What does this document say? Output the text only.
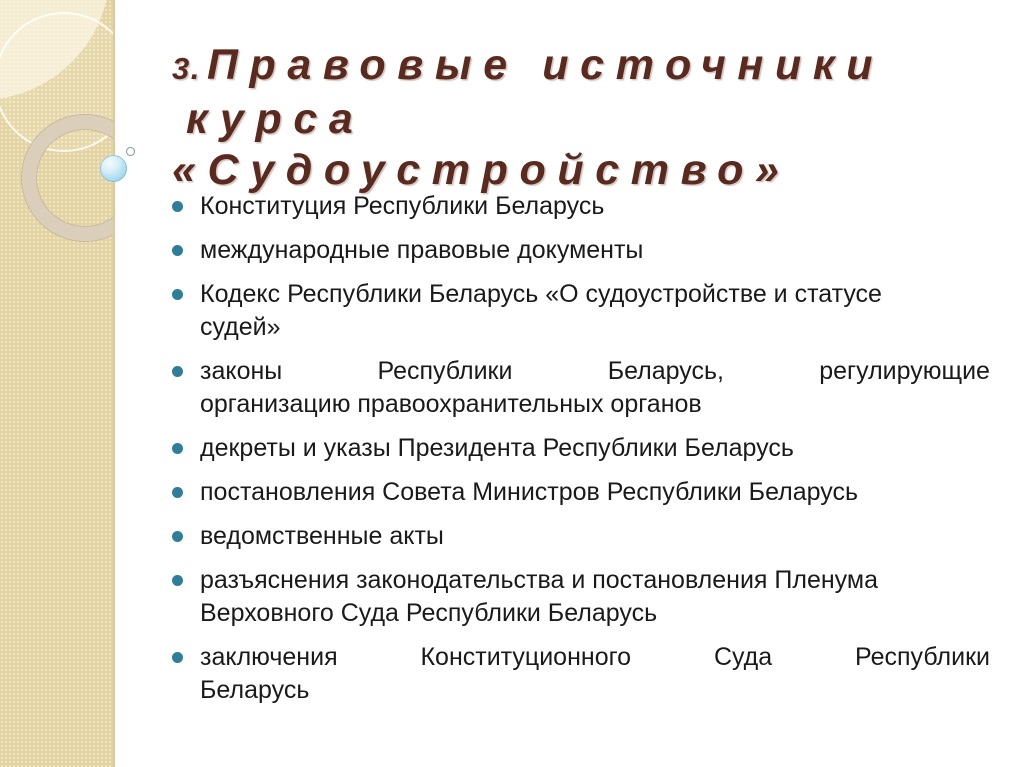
3. Правовые источники
курса
«Судоустройство»
Конституция Республики Беларусь
международные правовые документы
Кодекс Республики Беларусь «О судоустройстве и статусе
судей»
законы	Республики	Беларусь,	регулирующие
организацию правоохранительных органов
декреты и указы Президента Республики Беларусь
постановления Совета Министров Республики Беларусь
ведомственные акты
разъяснения законодательства и постановления Пленума
Верховного Суда Республики Беларусь
заключения	Конституционного	Суда	Республики
Беларусь
